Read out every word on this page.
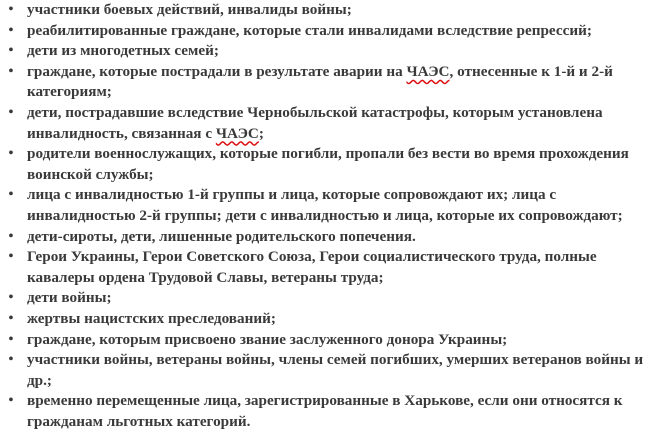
• участники боевых действий, инвалиды войны;
• реабилитированные граждане, которые стали инвалидами вследствие репрессий;
• дети из многодетных семей;
• граждане, которые пострадали в результате аварии на ЧАЭС, отнесенные к 1-й и 2-й категориям;
• дети, пострадавшие вследствие Чернобыльской катастрофы, которым установлена инвалидность, связанная с ЧАЭС;
• родители военнослужащих, которые погибли, пропали без вести во время прохождения воинской службы;
• лица с инвалидностью 1-й группы и лица, которые сопровождают их; лица с инвалидностью 2-й группы; дети с инвалидностью и лица, которые их сопровождают;
• дети-сироты, дети, лишенные родительского попечения.
• Герои Украины, Герои Советского Союза, Герои социалистического труда, полные кавалеры ордена Трудовой Славы, ветераны труда;
• дети войны;
• жертвы нацистских преследований;
• граждане, которым присвоено звание заслуженного донора Украины;
• участники войны, ветераны войны, члены семей погибших, умерших ветеранов войны и др.;
• временно перемещенные лица, зарегистрированные в Харькове, если они относятся к гражданам льготных категорий.
